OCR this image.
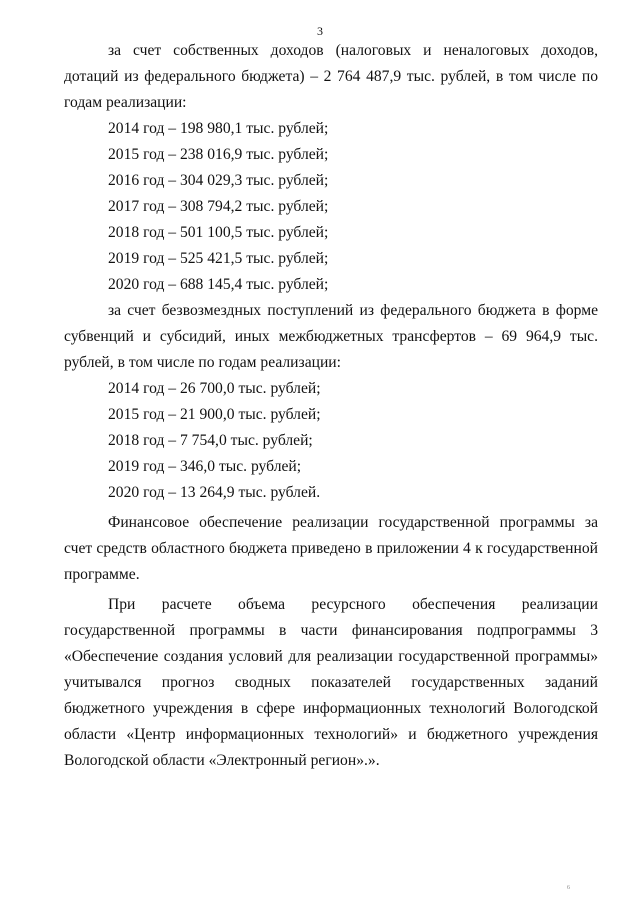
3

за счет собственных доходов (налоговых и неналоговых доходов, дотаций из федерального бюджета) – 2 764 487,9 тыс. рублей, в том числе по годам реализации:

2014 год – 198 980,1 тыс. рублей;
2015 год – 238 016,9 тыс. рублей;
2016 год – 304 029,3 тыс. рублей;
2017 год – 308 794,2 тыс. рублей;
2018 год – 501 100,5 тыс. рублей;
2019 год – 525 421,5 тыс. рублей;
2020 год – 688 145,4 тыс. рублей;

за счет безвозмездных поступлений из федерального бюджета в форме субвенций и субсидий, иных межбюджетных трансфертов – 69 964,9 тыс. рублей, в том числе по годам реализации:

2014 год – 26 700,0 тыс. рублей;
2015 год – 21 900,0 тыс. рублей;
2018 год – 7 754,0 тыс. рублей;
2019 год – 346,0 тыс. рублей;
2020 год – 13 264,9 тыс. рублей.

Финансовое обеспечение реализации государственной программы за счет средств областного бюджета приведено в приложении 4 к государственной программе.

При расчете объема ресурсного обеспечения реализации государственной программы в части финансирования подпрограммы 3 «Обеспечение создания условий для реализации государственной программы» учитывался прогноз сводных показателей государственных заданий бюджетного учреждения в сфере информационных технологий Вологодской области «Центр информационных технологий» и бюджетного учреждения Вологодской области «Электронный регион».».

6
